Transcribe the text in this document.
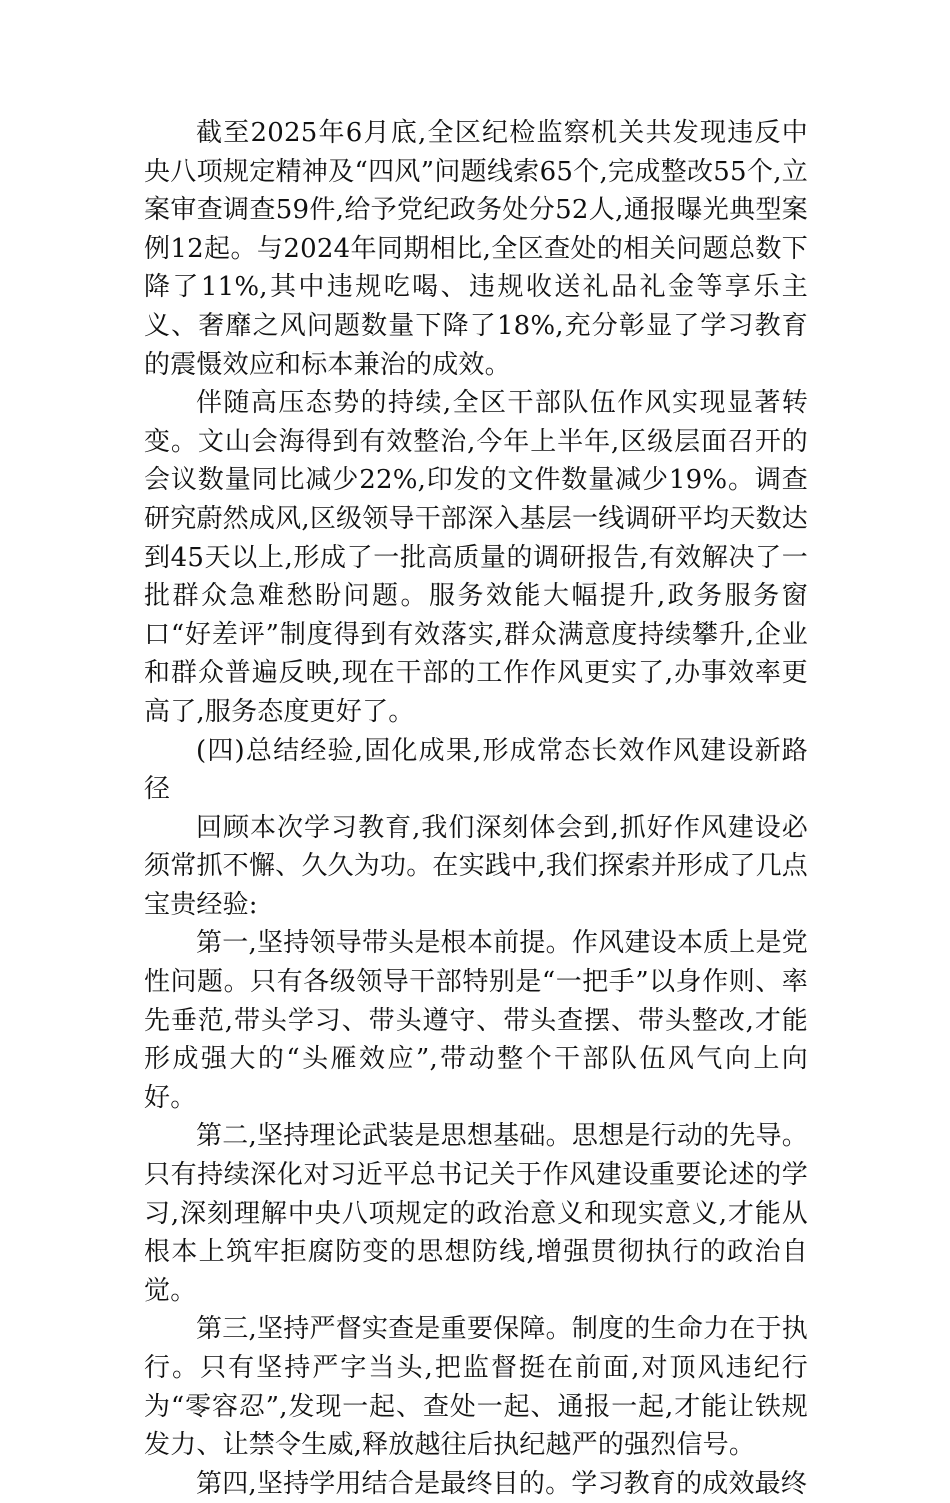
截至2025年6月底,全区纪检监察机关共发现违反中央八项规定精神及“四风”问题线索65个,完成整改55个,立案审查调查59件,给予党纪政务处分52人,通报曝光典型案例12起。与2024年同期相比,全区查处的相关问题总数下降了11%,其中违规吃喝、违规收送礼品礼金等享乐主义、奢靡之风问题数量下降了18%,充分彰显了学习教育的震慑效应和标本兼治的成效。

伴随高压态势的持续,全区干部队伍作风实现显著转变。文山会海得到有效整治,今年上半年,区级层面召开的会议数量同比减少22%,印发的文件数量减少19%。调查研究蔚然成风,区级领导干部深入基层一线调研平均天数达到45天以上,形成了一批高质量的调研报告,有效解决了一批群众急难愁盼问题。服务效能大幅提升,政务服务窗口“好差评”制度得到有效落实,群众满意度持续攀升,企业和群众普遍反映,现在干部的工作作风更实了,办事效率更高了,服务态度更好了。

(四)总结经验,固化成果,形成常态长效作风建设新路径

回顾本次学习教育,我们深刻体会到,抓好作风建设必须常抓不懈、久久为功。在实践中,我们探索并形成了几点宝贵经验:

第一,坚持领导带头是根本前提。作风建设本质上是党性问题。只有各级领导干部特别是“一把手”以身作则、率先垂范,带头学习、带头遵守、带头查摆、带头整改,才能形成强大的“头雁效应”,带动整个干部队伍风气向上向好。

第二,坚持理论武装是思想基础。思想是行动的先导。只有持续深化对习近平总书记关于作风建设重要论述的学习,深刻理解中央八项规定的政治意义和现实意义,才能从根本上筑牢拒腐防变的思想防线,增强贯彻执行的政治自觉。

第三,坚持严督实查是重要保障。制度的生命力在于执行。只有坚持严字当头,把监督挺在前面,对顶风违纪行为“零容忍”,发现一起、查处一起、通报一起,才能让铁规发力、让禁令生威,释放越往后执纪越严的强烈信号。

第四,坚持学用结合是最终目的。学习教育的成效最终
